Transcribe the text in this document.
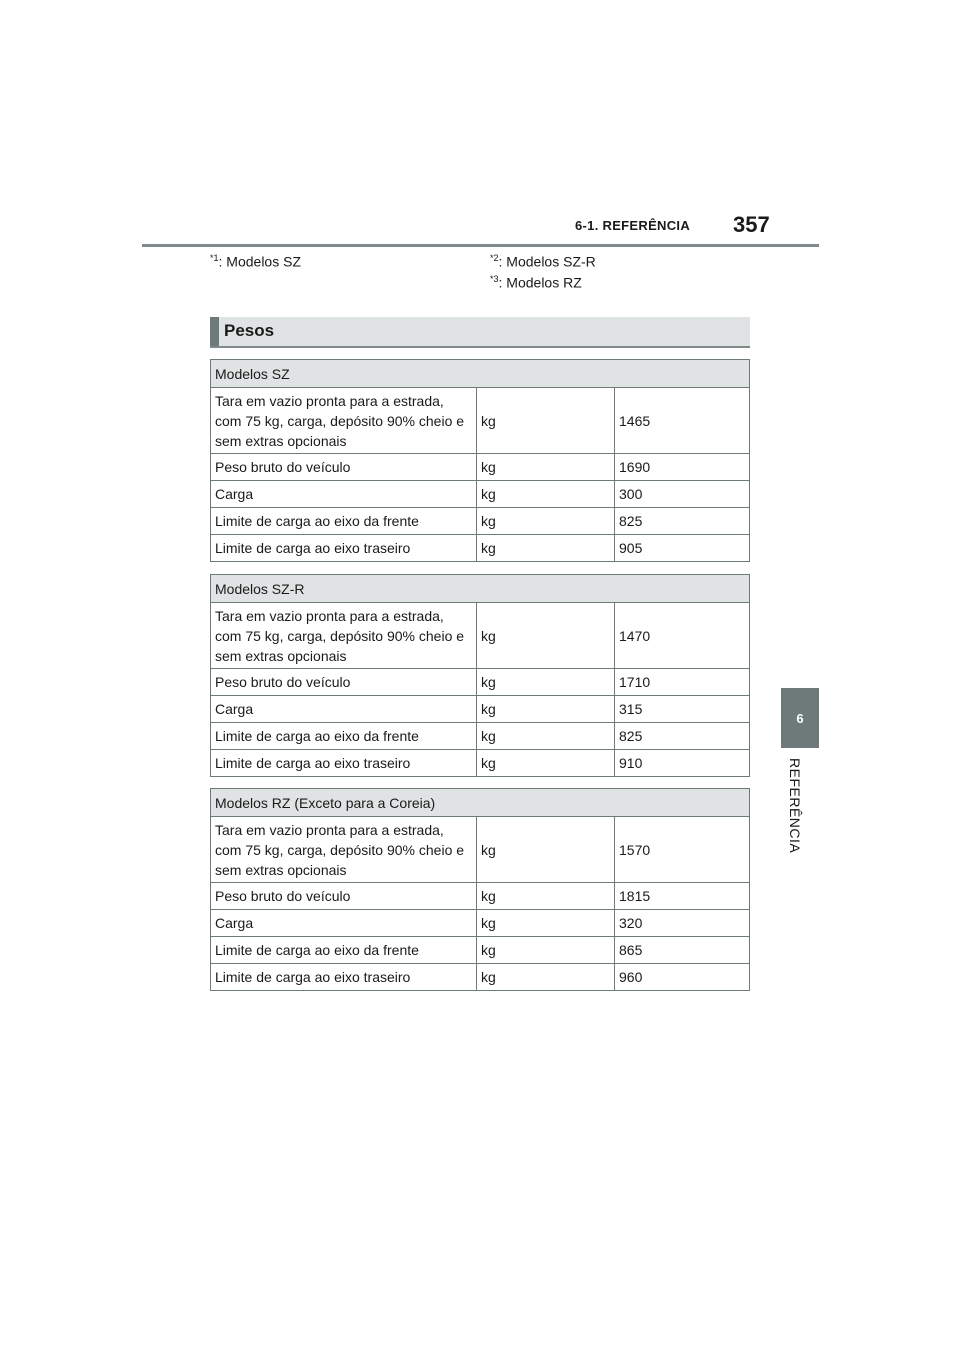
6-1. REFERÊNCIA 357
6
REFERÊNCIA
$^{*1}$: Modelos SZ	$^{*2}$: Modelos SZ-R
$^{*3}$: Modelos RZ
Pesos
Modelos SZ		
Tara em vazio pronta para a estrada, com 75 kg, carga, depósito 90% cheio e sem extras opcionais	kg	1465
Peso bruto do veículo	kg	1690
Carga	kg	300
Limite de carga ao eixo da frente	kg	825
Limite de carga ao eixo traseiro	kg	905
Modelos SZ-R		
Tara em vazio pronta para a estrada, com 75 kg, carga, depósito 90% cheio e sem extras opcionais	kg	1470
Peso bruto do veículo	kg	1710
Carga	kg	315
Limite de carga ao eixo da frente	kg	825
Limite de carga ao eixo traseiro	kg	910
Modelos RZ (Exceto para a Coreia)		
Tara em vazio pronta para a estrada, com 75 kg, carga, depósito 90% cheio e sem extras opcionais	kg	1570
Peso bruto do veículo	kg	1815
Carga	kg	320
Limite de carga ao eixo da frente	kg	865
Limite de carga ao eixo traseiro	kg	960
